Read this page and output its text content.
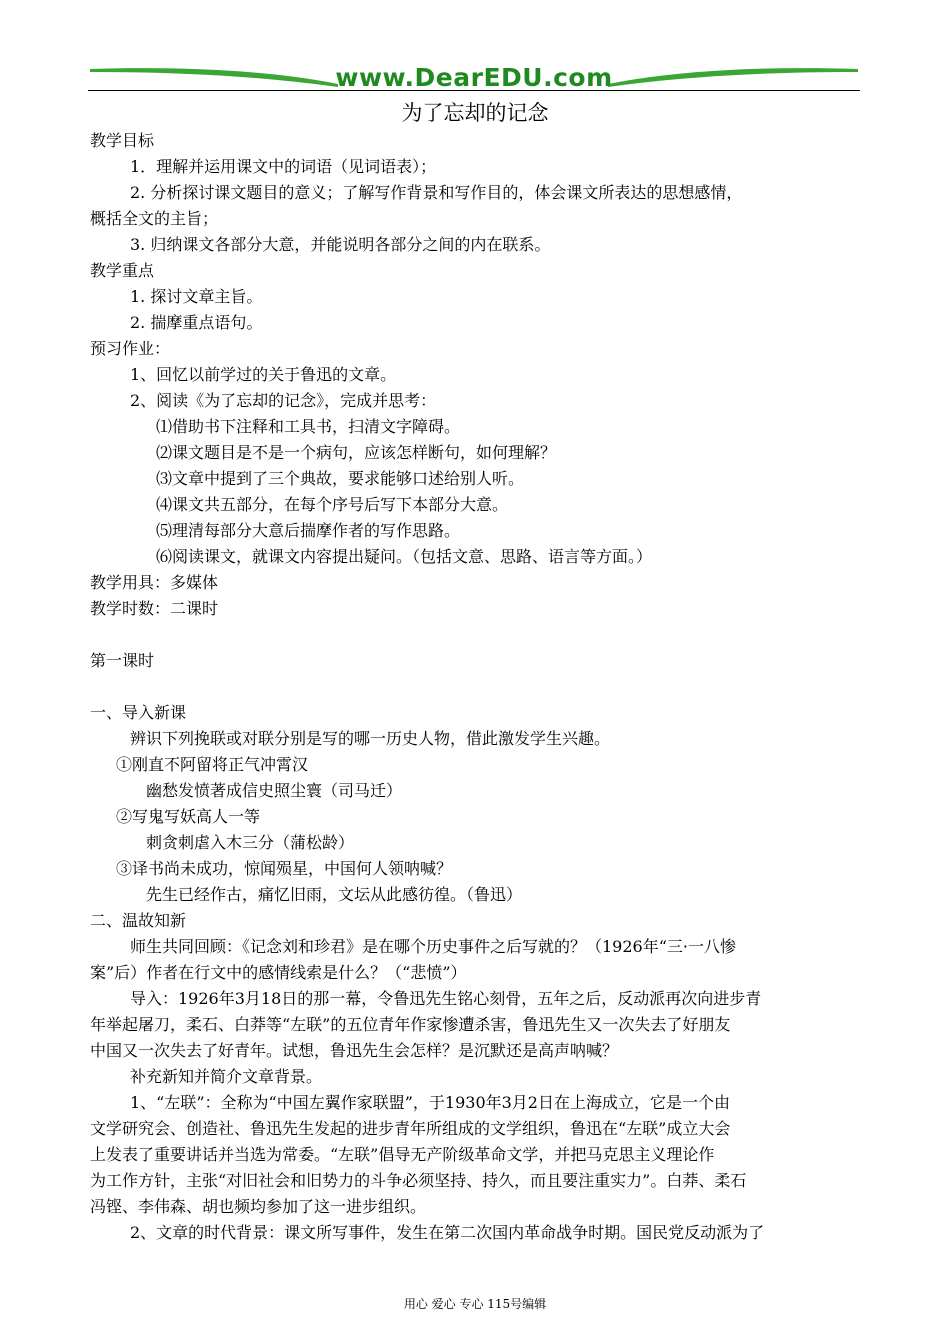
www.DearEDU.com
为了忘却的记念
教学目标
1．理解并运用课文中的词语（见词语表）；
2. 分析探讨课文题目的意义；了解写作背景和写作目的，体会课文所表达的思想感情，
概括全文的主旨；
3. 归纳课文各部分大意，并能说明各部分之间的内在联系。
教学重点
1. 探讨文章主旨。
2. 揣摩重点语句。
预习作业：
1、回忆以前学过的关于鲁迅的文章。
2、阅读《为了忘却的记念》，完成并思考：
⑴借助书下注释和工具书，扫清文字障碍。
⑵课文题目是不是一个病句，应该怎样断句，如何理解？
⑶文章中提到了三个典故，要求能够口述给别人听。
⑷课文共五部分，在每个序号后写下本部分大意。
⑸理清每部分大意后揣摩作者的写作思路。
⑹阅读课文，就课文内容提出疑问。（包括文意、思路、语言等方面。）
教学用具：多媒体
教学时数：二课时
第一课时
一、导入新课
辨识下列挽联或对联分别是写的哪一历史人物，借此激发学生兴趣。
①刚直不阿留将正气冲霄汉
幽愁发愤著成信史照尘寰（司马迁）
②写鬼写妖高人一等
刺贪刺虐入木三分（蒲松龄）
③译书尚未成功，惊闻殒星，中国何人领呐喊？
先生已经作古，痛忆旧雨，文坛从此感彷徨。（鲁迅）
二、温故知新
师生共同回顾：《记念刘和珍君》是在哪个历史事件之后写就的？（1926年“三·一八惨
案”后）作者在行文中的感情线索是什么？（“悲愤”）
导入：1926年3月18日的那一幕，令鲁迅先生铭心刻骨，五年之后，反动派再次向进步青
年举起屠刀，柔石、白莽等“左联”的五位青年作家惨遭杀害，鲁迅先生又一次失去了好朋友
中国又一次失去了好青年。试想，鲁迅先生会怎样？是沉默还是高声呐喊？
补充新知并简介文章背景。
1、“左联”：全称为“中国左翼作家联盟”，于1930年3月2日在上海成立，它是一个由
文学研究会、创造社、鲁迅先生发起的进步青年所组成的文学组织，鲁迅在“左联”成立大会
上发表了重要讲话并当选为常委。“左联”倡导无产阶级革命文学，并把马克思主义理论作
为工作方针，主张“对旧社会和旧势力的斗争必须坚持、持久，而且要注重实力”。白莽、柔石
冯铿、李伟森、胡也频均参加了这一进步组织。
2、文章的时代背景：课文所写事件，发生在第二次国内革命战争时期。国民党反动派为了
用心 爱心 专心 115号编辑
